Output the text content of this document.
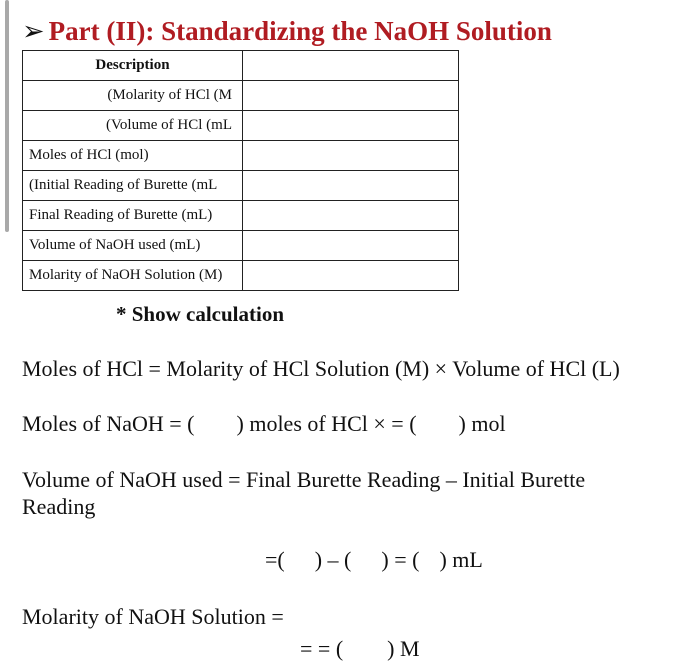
➢ Part (II): Standardizing the NaOH Solution
Description	
(Molarity of HCl (M	
(Volume of HCl (mL	
Moles of HCl (mol)	
(Initial Reading of Burette (mL	
Final Reading of Burette (mL)	
Volume of NaOH used (mL)	
Molarity of NaOH Solution (M)	
* Show calculation
Moles of HCl = Molarity of HCl Solution (M) × Volume of HCl (L)
Moles of NaOH = ( ) moles of HCl × = ( ) mol
Volume of NaOH used = Final Burette Reading – Initial Burette
Reading
=( ) – ( ) = ( ) mL
Molarity of NaOH Solution =
= = ( ) M
